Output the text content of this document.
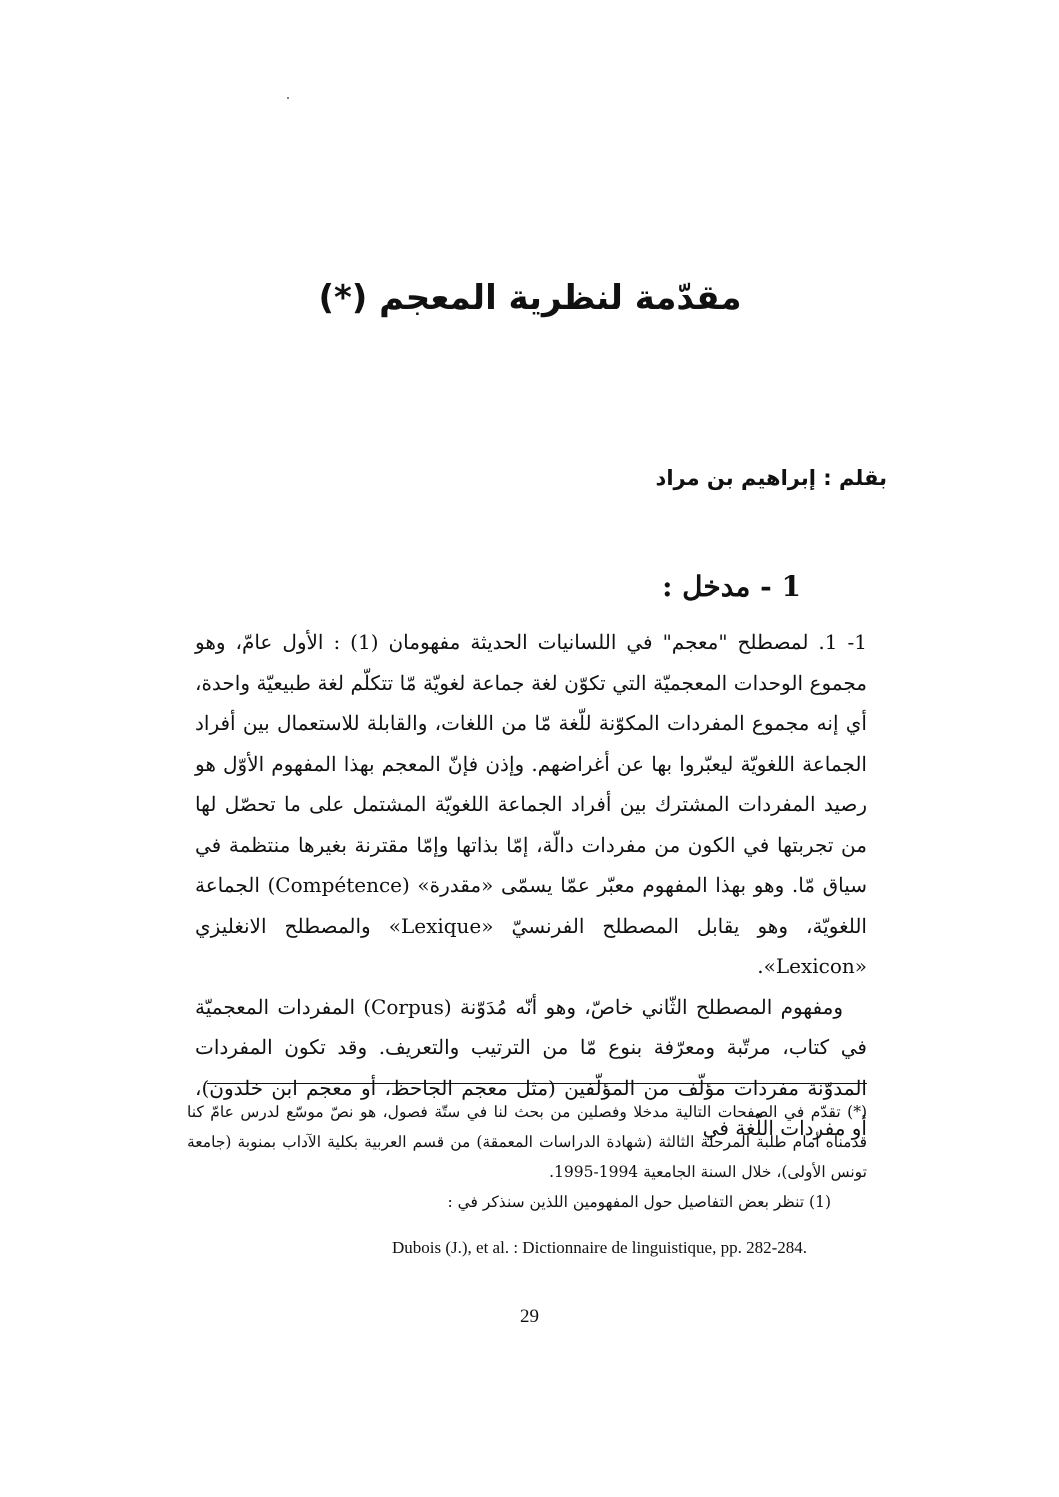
مقدّمة لنظرية المعجم (*)
بقلم : إبراهيم بن مراد
1 - مدخل :

1- 1. لمصطلح "معجم" في اللسانيات الحديثة مفهومان (1) : الأول عامّ، وهو مجموع الوحدات المعجميّة التي تكوّن لغة جماعة لغويّة مّا تتكلّم لغة طبيعيّة واحدة، أي إنه مجموع المفردات المكوّنة للّغة مّا من اللغات، والقابلة للاستعمال بين أفراد الجماعة اللغويّة ليعبّروا بها عن أغراضهم. وإذن فإنّ المعجم بهذا المفهوم الأوّل هو رصيد المفردات المشترك بين أفراد الجماعة اللغويّة المشتمل على ما تحصّل لها من تجربتها في الكون من مفردات دالّة، إمّا بذاتها وإمّا مقترنة بغيرها منتظمة في سياق مّا. وهو بهذا المفهوم معبّر عمّا يسمّى «مقدرة» (Compétence) الجماعة اللغويّة، وهو يقابل المصطلح الفرنسيّ «Lexique» والمصطلح الانغليزي «Lexicon».

ومفهوم المصطلح الثّاني خاصّ، وهو أنّه مُدَوّنة (Corpus) المفردات المعجميّة في كتاب، مرتّبة ومعرّفة بنوع مّا من الترتيب والتعريف. وقد تكون المفردات المدوّنة مفردات مؤلّف من المؤلّفين (مثل معجم الجاحظ، أو معجم ابن خلدون)، أو مفردات اللّغة في

(*) تقدّم في الصفحات التالية مدخلا وفصلين من بحث لنا في ستّة فصول، هو نصّ موسّع لدرس عامّ كنا قدمناه أمام طلبة المرحلة الثالثة (شهادة الدراسات المعمقة) من قسم العربية بكلية الآداب بمنوبة (جامعة تونس الأولى)، خلال السنة الجامعية 1994-1995.

(1) تنظر بعض التفاصيل حول المفهومين اللذين سنذكر في :

Dubois (J.), et al. : Dictionnaire de linguistique, pp. 282-284.
29
